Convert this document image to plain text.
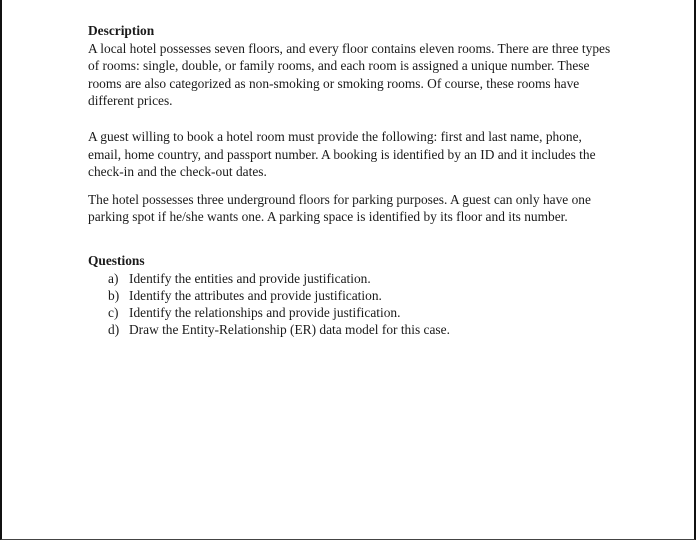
Description

A local hotel possesses seven floors, and every floor contains eleven rooms. There are three types of rooms: single, double, or family rooms, and each room is assigned a unique number. These rooms are also categorized as non-smoking or smoking rooms. Of course, these rooms have different prices.

A guest willing to book a hotel room must provide the following: first and last name, phone, email, home country, and passport number. A booking is identified by an ID and it includes the check-in and the check-out dates.

The hotel possesses three underground floors for parking purposes. A guest can only have one parking spot if he/she wants one. A parking space is identified by its floor and its number.

Questions

a) Identify the entities and provide justification.
b) Identify the attributes and provide justification.
c) Identify the relationships and provide justification.
d) Draw the Entity-Relationship (ER) data model for this case.
